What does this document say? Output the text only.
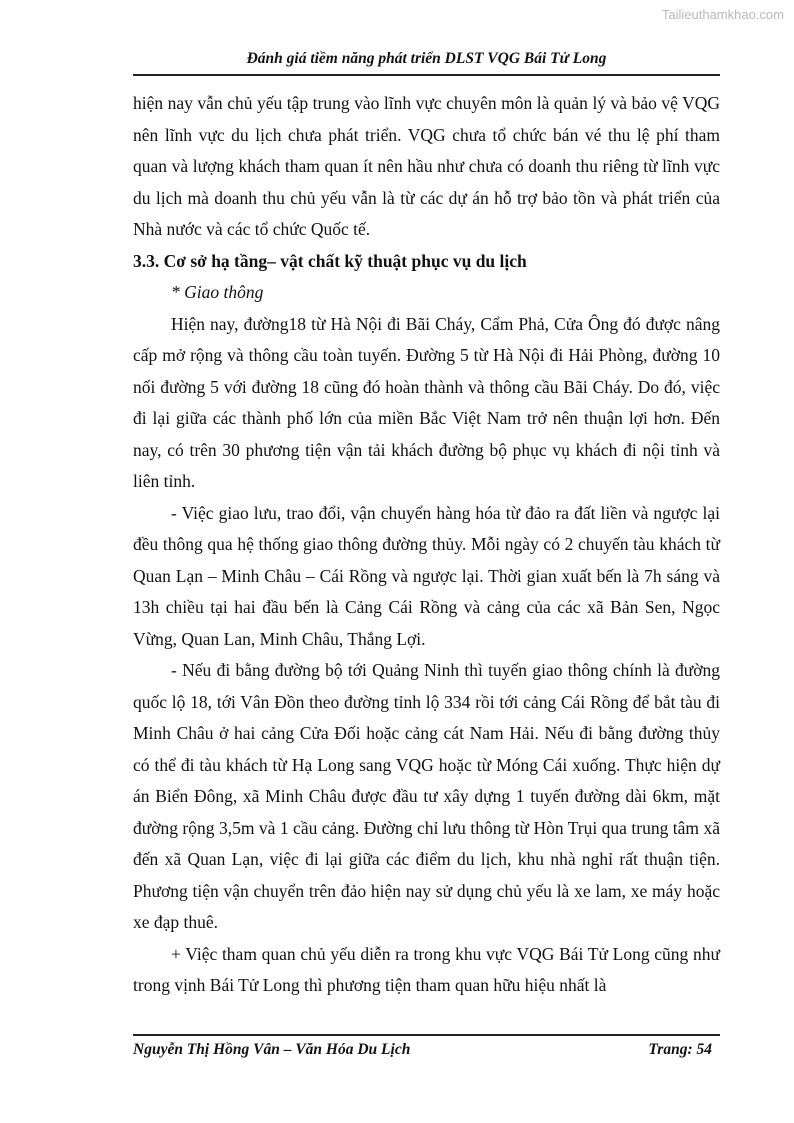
Tailieuthamkhao.com
Đánh giá tiềm năng phát triển DLST VQG Bái Tử Long

hiện nay vẫn chủ yếu tập trung vào lĩnh vực chuyên môn là quản lý và bảo vệ VQG nên lĩnh vực du lịch chưa phát triển. VQG chưa tổ chức bán vé thu lệ phí tham quan và lượng khách tham quan ít nên hầu như chưa có doanh thu riêng từ lĩnh vực du lịch mà doanh thu chủ yếu vẫn là từ các dự án hỗ trợ bảo tồn và phát triển của Nhà nước và các tổ chức Quốc tế.

3.3. Cơ sở hạ tầng– vật chất kỹ thuật phục vụ du lịch

* Giao thông

Hiện nay, đường18 từ Hà Nội đi Bãi Cháy, Cẩm Phả, Cửa Ông đó được nâng cấp mở rộng và thông cầu toàn tuyến. Đường 5 từ Hà Nội đi Hải Phòng, đường 10 nối đường 5 với đường 18 cũng đó hoàn thành và thông cầu Bãi Cháy. Do đó, việc đi lại giữa các thành phố lớn của miền Bắc Việt Nam trở nên thuận lợi hơn. Đến nay, có trên 30 phương tiện vận tải khách đường bộ phục vụ khách đi nội tỉnh và liên tỉnh.

- Việc giao lưu, trao đổi, vận chuyển hàng hóa từ đảo ra đất liền và ngược lại đều thông qua hệ thống giao thông đường thủy. Mỗi ngày có 2 chuyến tàu khách từ Quan Lạn – Minh Châu – Cái Rồng và ngược lại. Thời gian xuất bến là 7h sáng và 13h chiều tại hai đầu bến là Cảng Cái Rồng và cảng của các xã Bản Sen, Ngọc Vừng, Quan Lan, Minh Châu, Thắng Lợi.

- Nếu đi bằng đường bộ tới Quảng Ninh thì tuyến giao thông chính là đường quốc lộ 18, tới Vân Đồn theo đường tỉnh lộ 334 rồi tới cảng Cái Rồng để bắt tàu đi Minh Châu ở hai cảng Cửa Đối hoặc cảng cát Nam Hải. Nếu đi bằng đường thủy có thể đi tàu khách từ Hạ Long sang VQG hoặc từ Móng Cái xuống. Thực hiện dự án Biển Đông, xã Minh Châu được đầu tư xây dựng 1 tuyến đường dài 6km, mặt đường rộng 3,5m và 1 cầu cảng. Đường chỉ lưu thông từ Hòn Trụi qua trung tâm xã đến xã Quan Lạn, việc đi lại giữa các điểm du lịch, khu nhà nghỉ rất thuận tiện. Phương tiện vận chuyển trên đảo hiện nay sử dụng chủ yếu là xe lam, xe máy hoặc xe đạp thuê.

+ Việc tham quan chủ yếu diễn ra trong khu vực VQG Bái Tử Long cũng như trong vịnh Bái Tử Long thì phương tiện tham quan hữu hiệu nhất là

Nguyễn Thị Hồng Vân – Văn Hóa Du Lịch	Trang: 54
